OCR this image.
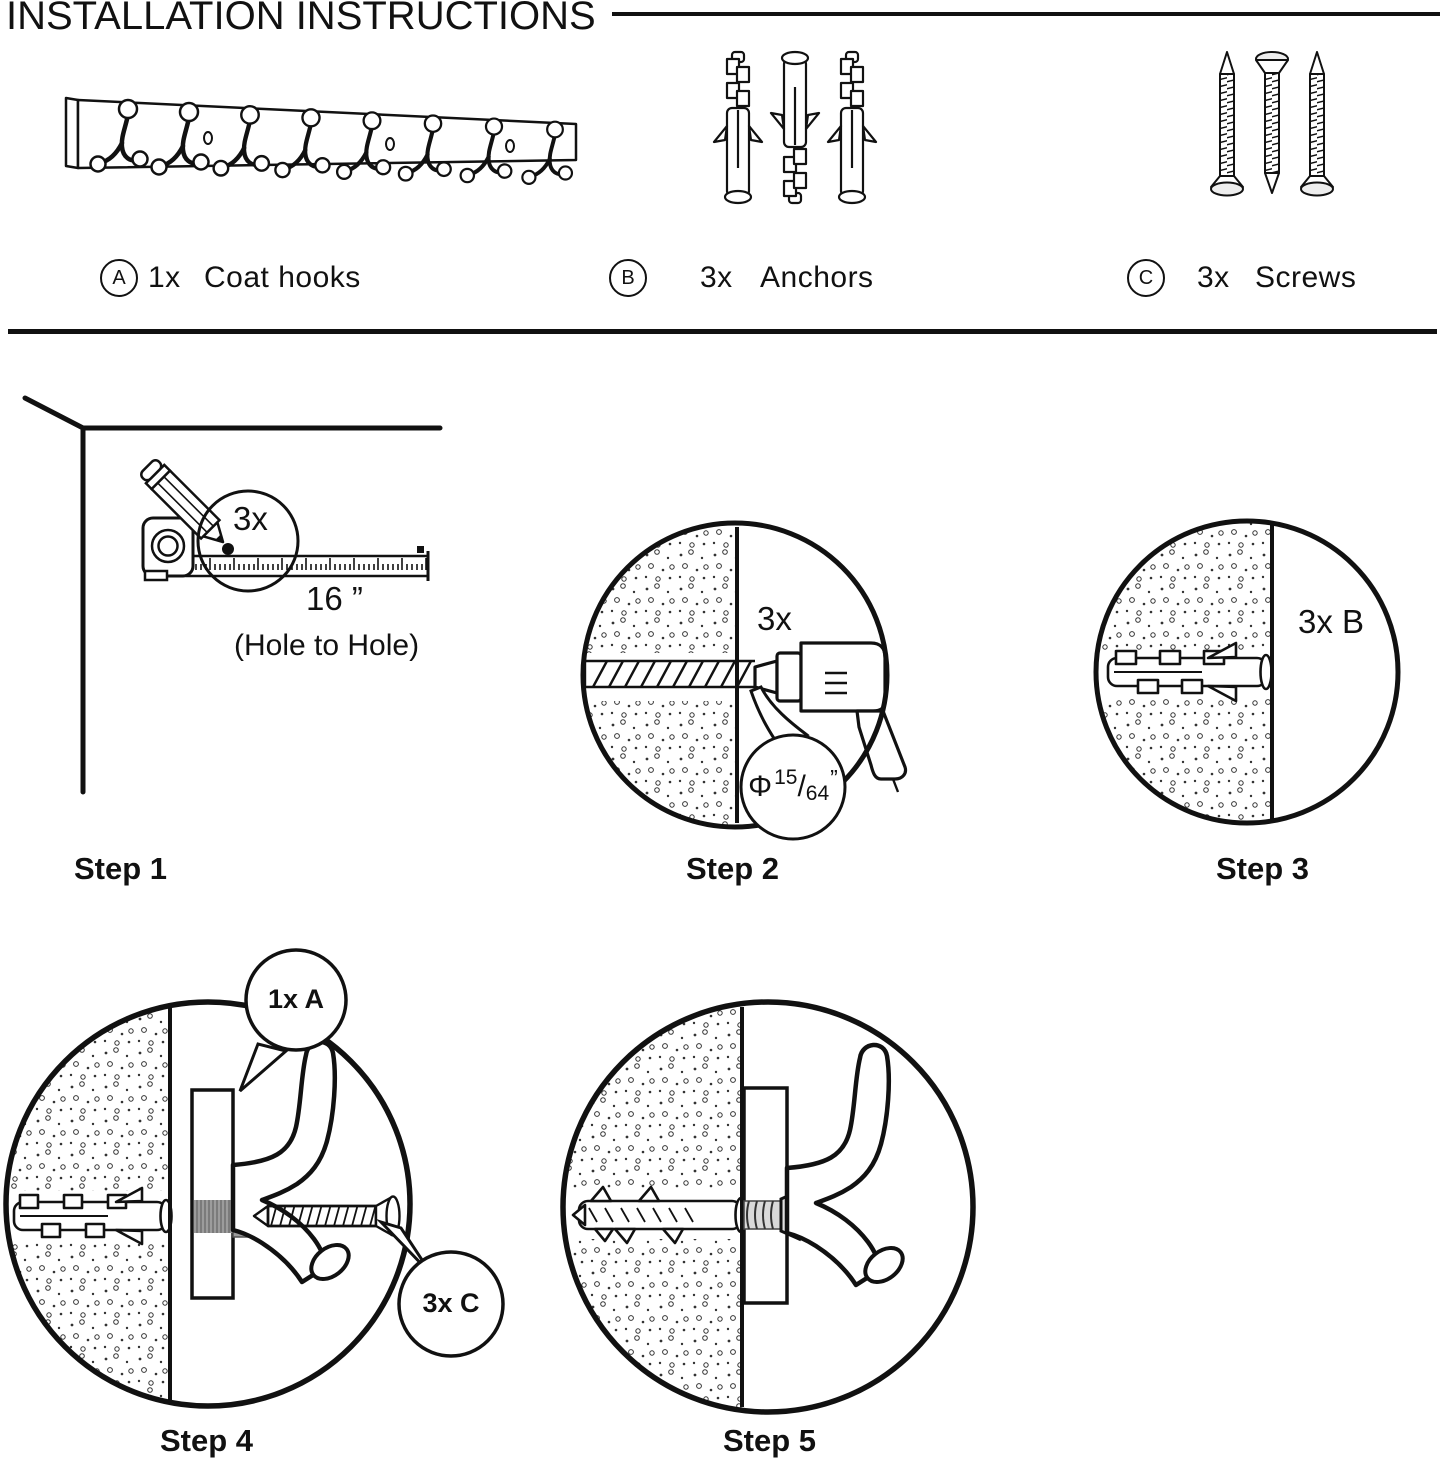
INSTALLATION INSTRUCTIONS
A 1x Coat hooks	B 3x Anchors	C 3x Screws
3x
16 ”
(Hole to Hole)
Step 1
3x
Φ 15 / 64
”
Step 2
3x B
Step 3
1x A
3x C
Step 4	Step 5
